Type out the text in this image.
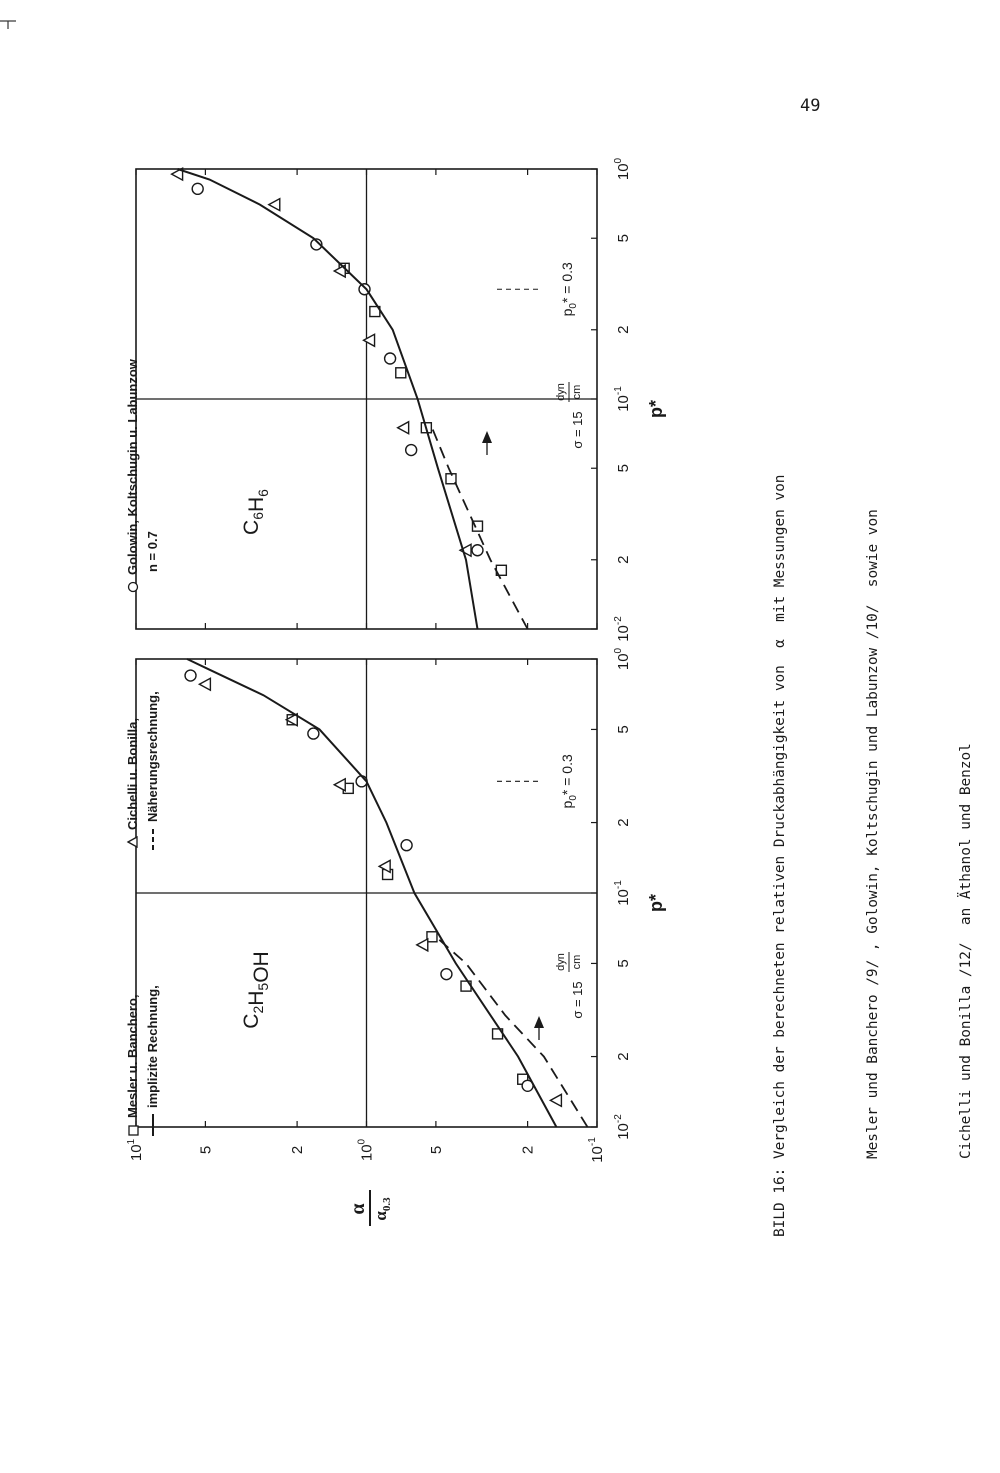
49
$10^{-2}$
2
5
$10^{-1}$
2
5
$10^0$
p*
$p_0* = 0.3$
$C_2H_5OH$
σ = 15
dyn cm
$10^{-2}$
2
5
$10^{-1}$
2
5
$10^0$
p*
$p_0* = 0.3$
$C_6H_6$
σ = 15
dyn cm
Mesler u. Banchero,
Cichelli u. Bonilla,
Golowin, Koltschugin u. Labunzow
implizite Rechnung,
Näherungsrechnung,
n = 0.7
$10^1$
5	2	$10^0$
5	2	$10^{-1}$
α
$\alpha_{0.3}$

	BILD 16: Vergleich der berechneten relativen Druckabhängigkeit von  α  mit Messungen von

	Mesler und Banchero /9/ , Golowin, Koltschugin und Labunzow /10/  sowie von

	Cichelli und Bonilla /12/  an Äthanol und Benzol
